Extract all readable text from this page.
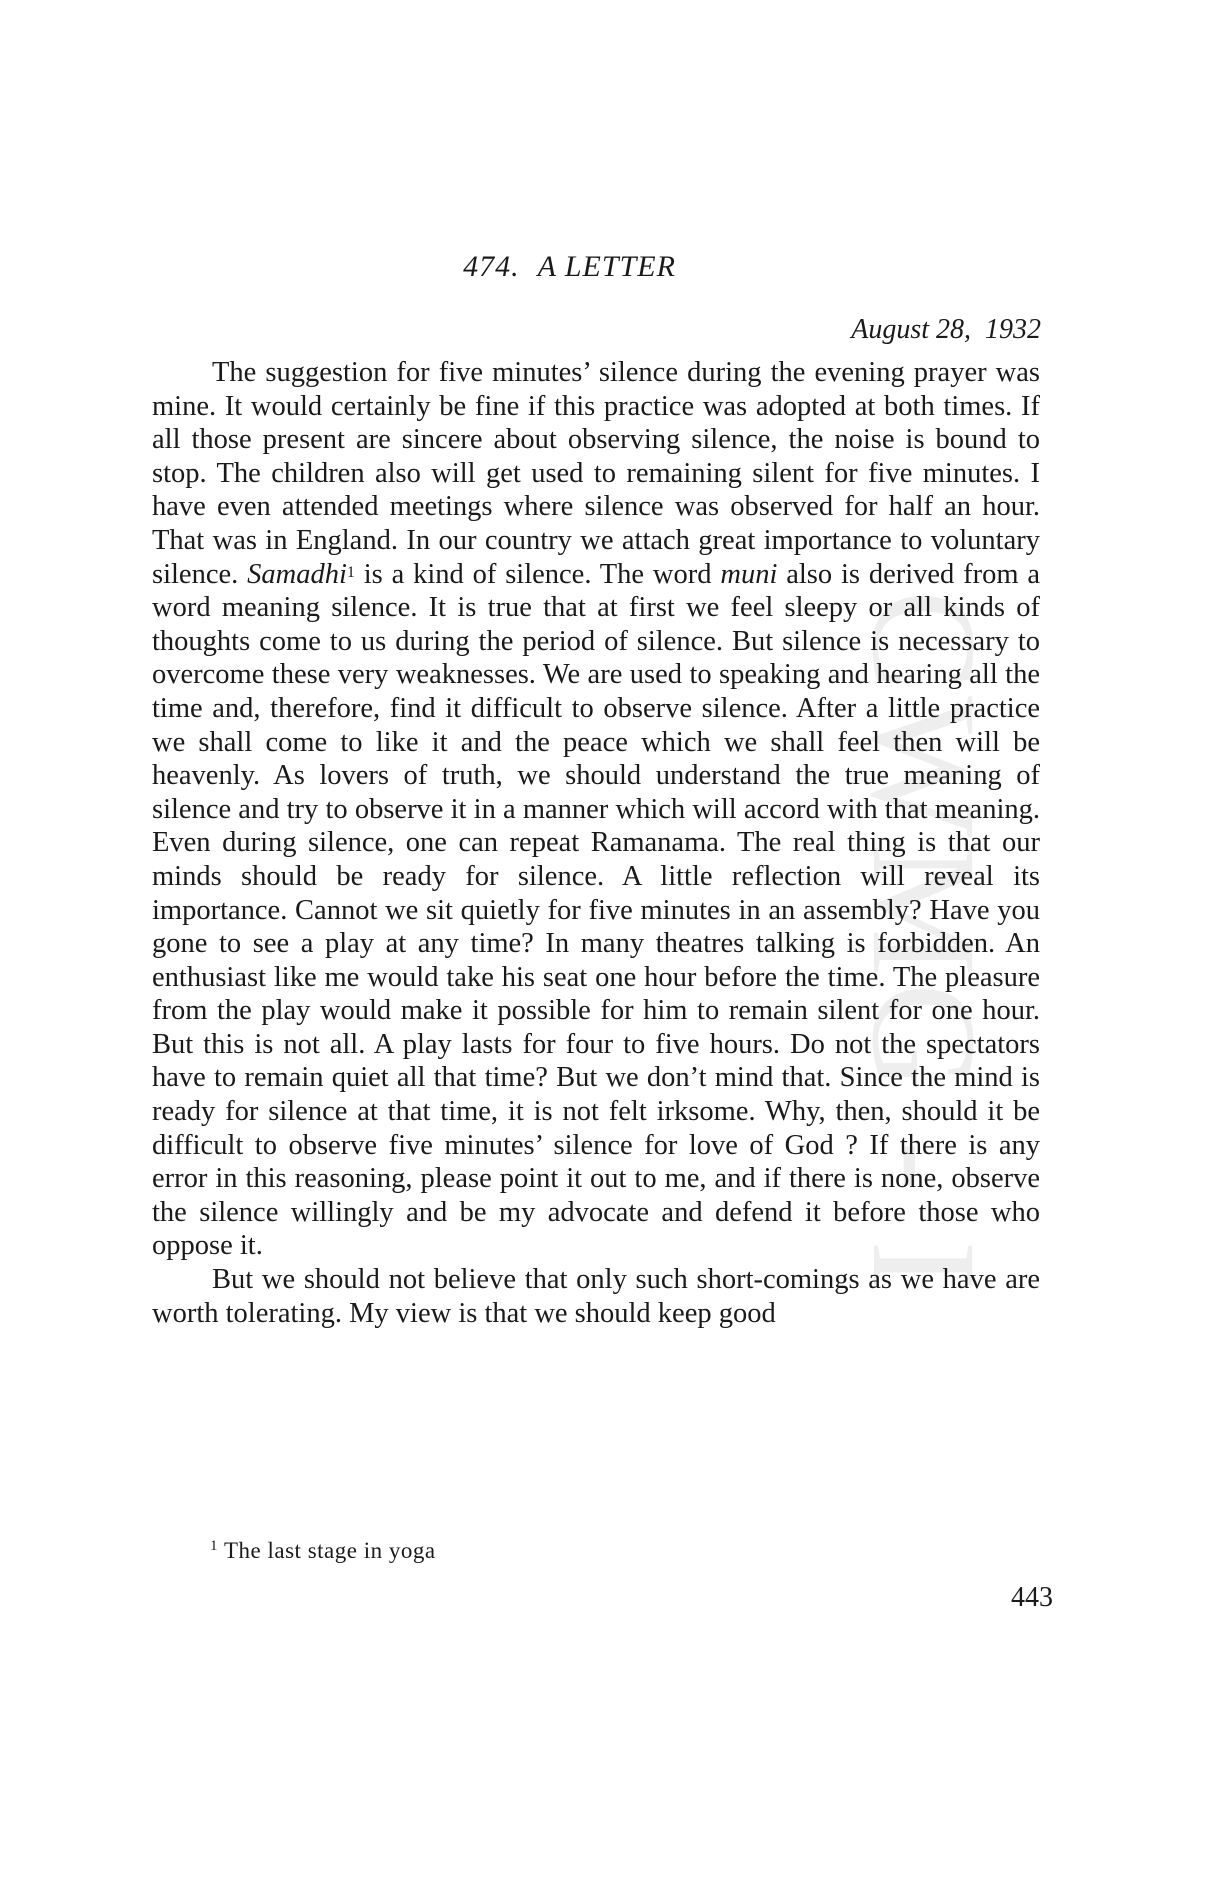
CWMG - I
474. A LETTER
August 28, 1932

The suggestion for five minutes’ silence during the evening prayer was mine. It would certainly be fine if this practice was adopted at both times. If all those present are sincere about observing silence, the noise is bound to stop. The children also will get used to remaining silent for five minutes. I have even attended meetings where silence was observed for half an hour. That was in England. In our country we attach great importance to voluntary silence. Samadhi$^1$ is a kind of silence. The word muni also is derived from a word meaning silence. It is true that at first we feel sleepy or all kinds of thoughts come to us during the period of silence. But silence is necessary to overcome these very weaknesses. We are used to speaking and hearing all the time and, therefore, find it difficult to observe silence. After a little practice we shall come to like it and the peace which we shall feel then will be heavenly. As lovers of truth, we should understand the true meaning of silence and try to observe it in a manner which will accord with that meaning. Even during silence, one can repeat Ramanama. The real thing is that our minds should be ready for silence. A little reflection will reveal its importance. Cannot we sit quietly for five minutes in an assembly? Have you gone to see a play at any time? In many theatres talking is forbidden. An enthusiast like me would take his seat one hour before the time. The pleasure from the play would make it possible for him to remain silent for one hour. But this is not all. A play lasts for four to five hours. Do not the spectators have to remain quiet all that time? But we don’t mind that. Since the mind is ready for silence at that time, it is not felt irksome. Why, then, should it be difficult to observe five minutes’ silence for love of God ? If there is any error in this reasoning, please point it out to me, and if there is none, observe the silence willingly and be my advocate and defend it before those who oppose it.

But we should not believe that only such short-comings as we have are worth tolerating. My view is that we should keep good

$^1$ The last stage in yoga
443
